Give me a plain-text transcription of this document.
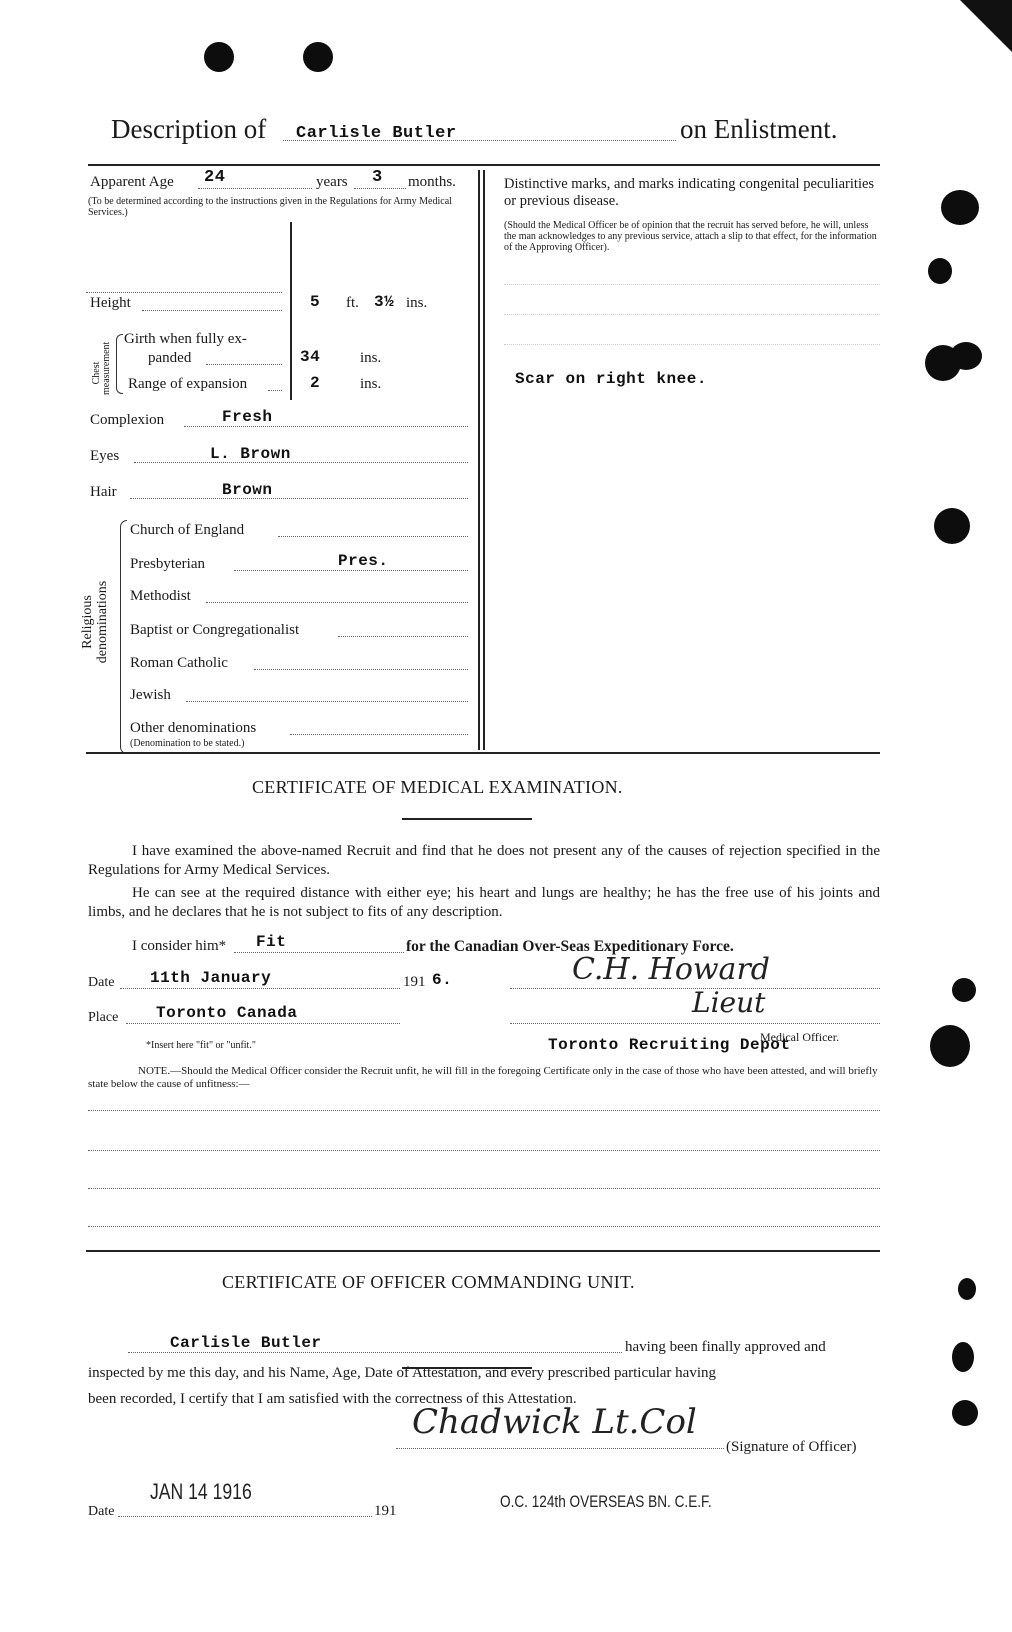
Description of Carlisle Butler	on Enlistment.
Apparent Age 24	years 3 months.
(To be determined according to the instructions given in the Regulations for Army Medical Services.)
Height	5 ft. 3½ ins.
Chest measurement
Girth when fully ex-
panded	34	ins.
Range of expansion	2	ins.
Complexion	Fresh
Eyes	L. Brown
Hair	Brown
Religious denominations
Church of England
Presbyterian	Pres.
Methodist
Baptist or Congregationalist
Roman Catholic
Jewish
Other denominations
(Denomination to be stated.)
Distinctive marks, and marks indicating congenital peculiarities or previous disease.
(Should the Medical Officer be of opinion that the recruit has served before, he will, unless the man acknowledges to any previous service, attach a slip to that effect, for the information of the Approving Officer).
Scar on right knee.
CERTIFICATE OF MEDICAL EXAMINATION.
I have examined the above-named Recruit and find that he does not present any of the causes of rejection specified in the Regulations for Army Medical Services.
He can see at the required distance with either eye; his heart and lungs are healthy; he has the free use of his joints and limbs, and he declares that he is not subject to fits of any description.
I consider him* Fit	for the Canadian Over-Seas Expeditionary Force.
Date 11th January	191 6.	C.H. Howard
Place Toronto Canada	Lieut
*Insert here "fit" or "unfit."
Medical Officer.
Toronto Recruiting Depot
NOTE.—Should the Medical Officer consider the Recruit unfit, he will fill in the foregoing Certificate only in the case of those who have been attested, and will briefly state below the cause of unfitness:—
CERTIFICATE OF OFFICER COMMANDING UNIT.
Carlisle Butler	having been finally approved and
inspected by me this day, and his Name, Age, Date of Attestation, and every prescribed particular having
been recorded, I certify that I am satisfied with the correctness of this Attestation.
Chadwick Lt.Col
(Signature of Officer)
Date
JAN 14 1916
191	O.C. 124th OVERSEAS BN. C.E.F.
